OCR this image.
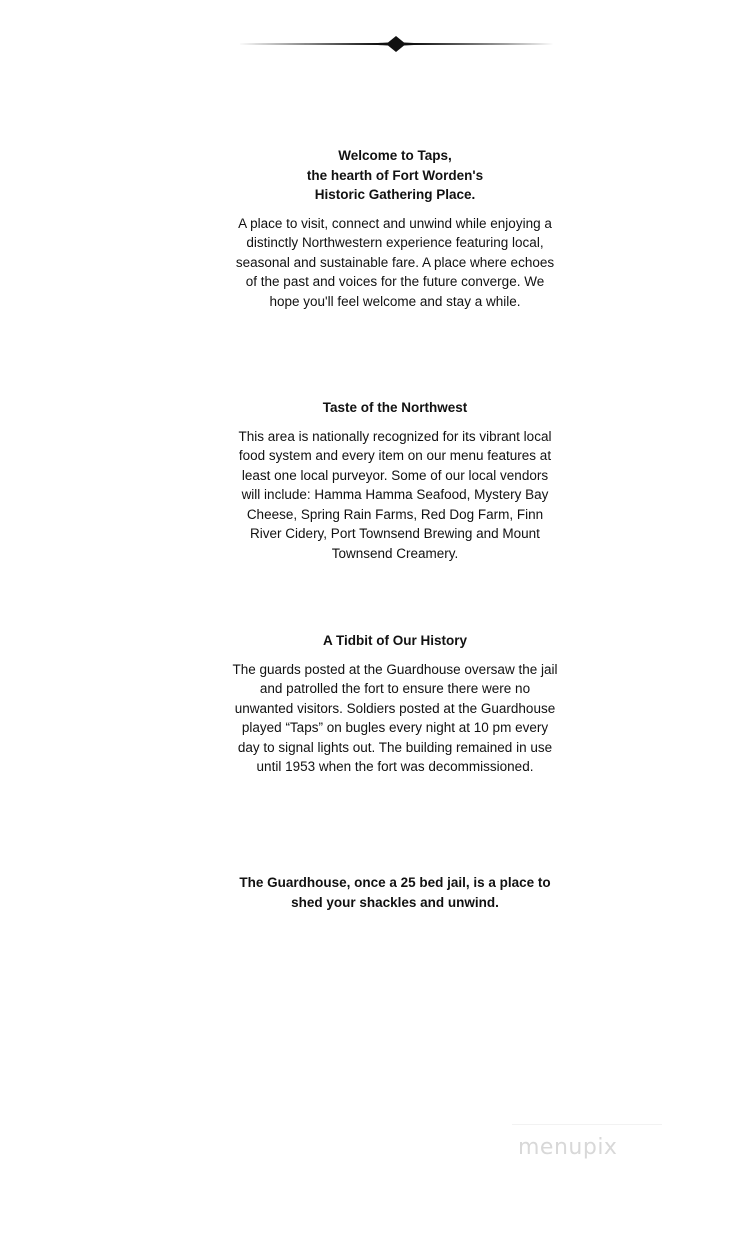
Welcome to Taps,
the hearth of Fort Worden's
Historic Gathering Place.

A place to visit, connect and unwind while enjoying a distinctly Northwestern experience featuring local, seasonal and sustainable fare. A place where echoes of the past and voices for the future converge. We hope you'll feel welcome and stay a while.

Taste of the Northwest

This area is nationally recognized for its vibrant local food system and every item on our menu features at least one local purveyor. Some of our local vendors will include: Hamma Hamma Seafood, Mystery Bay Cheese, Spring Rain Farms, Red Dog Farm, Finn River Cidery, Port Townsend Brewing and Mount Townsend Creamery.

A Tidbit of Our History

The guards posted at the Guardhouse oversaw the jail and patrolled the fort to ensure there were no unwanted visitors. Soldiers posted at the Guardhouse played “Taps” on bugles every night at 10 pm every day to signal lights out. The building remained in use until 1953 when the fort was decommissioned.

The Guardhouse, once a 25 bed jail, is a place to shed your shackles and unwind.

menupix
